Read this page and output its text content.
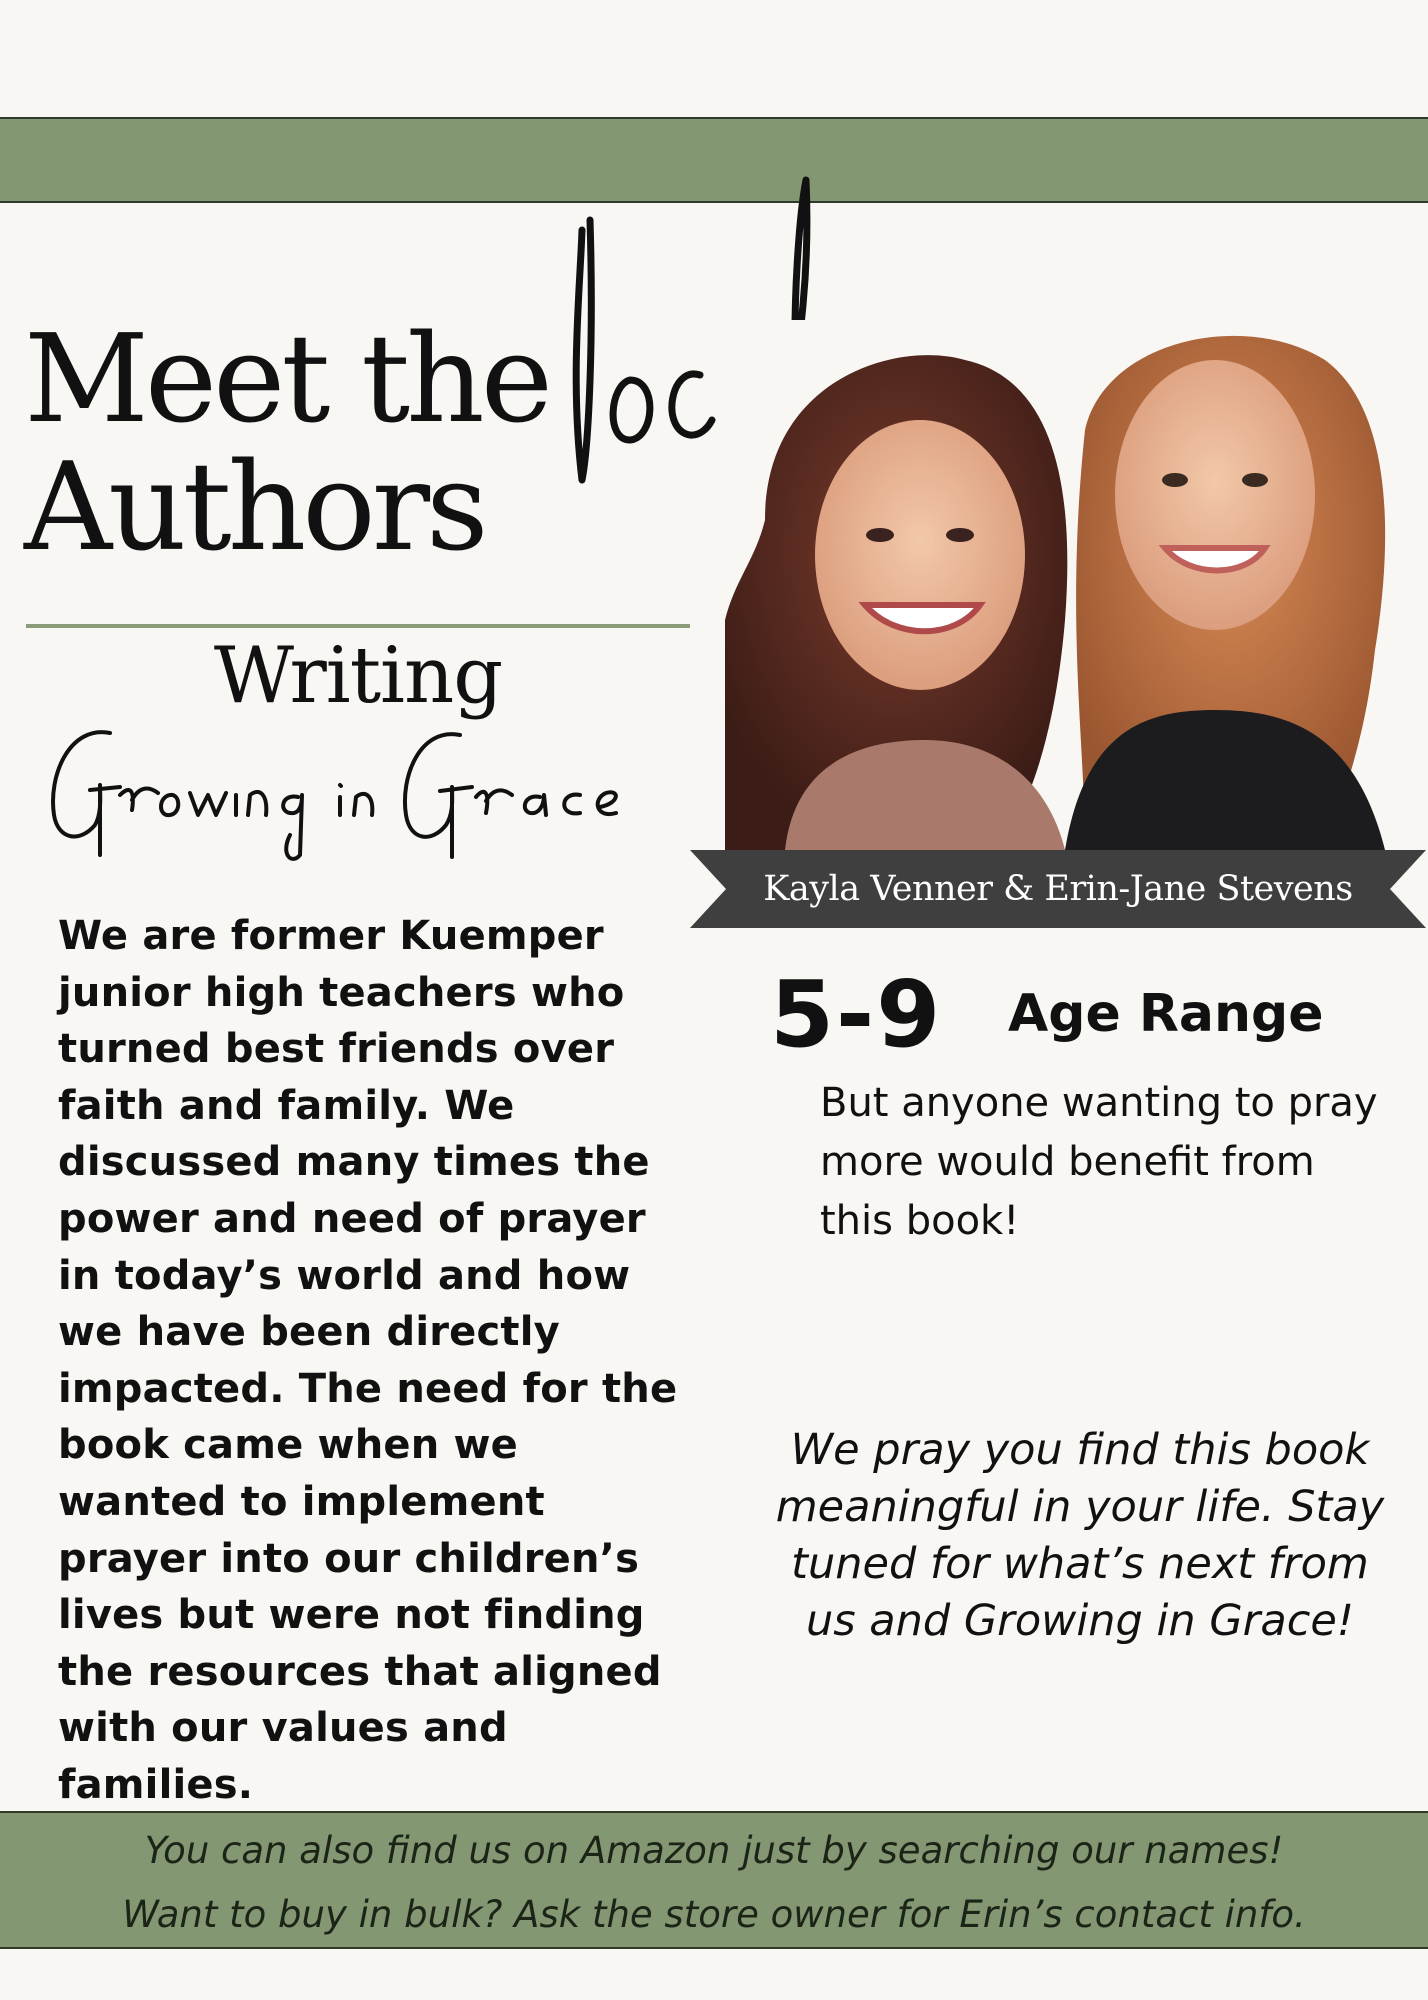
Meet the
Authors
Writing
We are former Kuemper junior high teachers who turned best friends over faith and family. We discussed many times the power and need of prayer in today’s world and how we have been directly impacted. The need for the book came when we wanted to implement prayer into our children’s lives but were not finding the resources that aligned with our values and families.
Kayla Venner & Erin-Jane Stevens
5-9 Age Range
But anyone wanting to pray more would benefit from this book!
We pray you find this book meaningful in your life. Stay tuned for what’s next from us and Growing in Grace!
You can also find us on Amazon just by searching our names!
Want to buy in bulk? Ask the store owner for Erin’s contact info.
